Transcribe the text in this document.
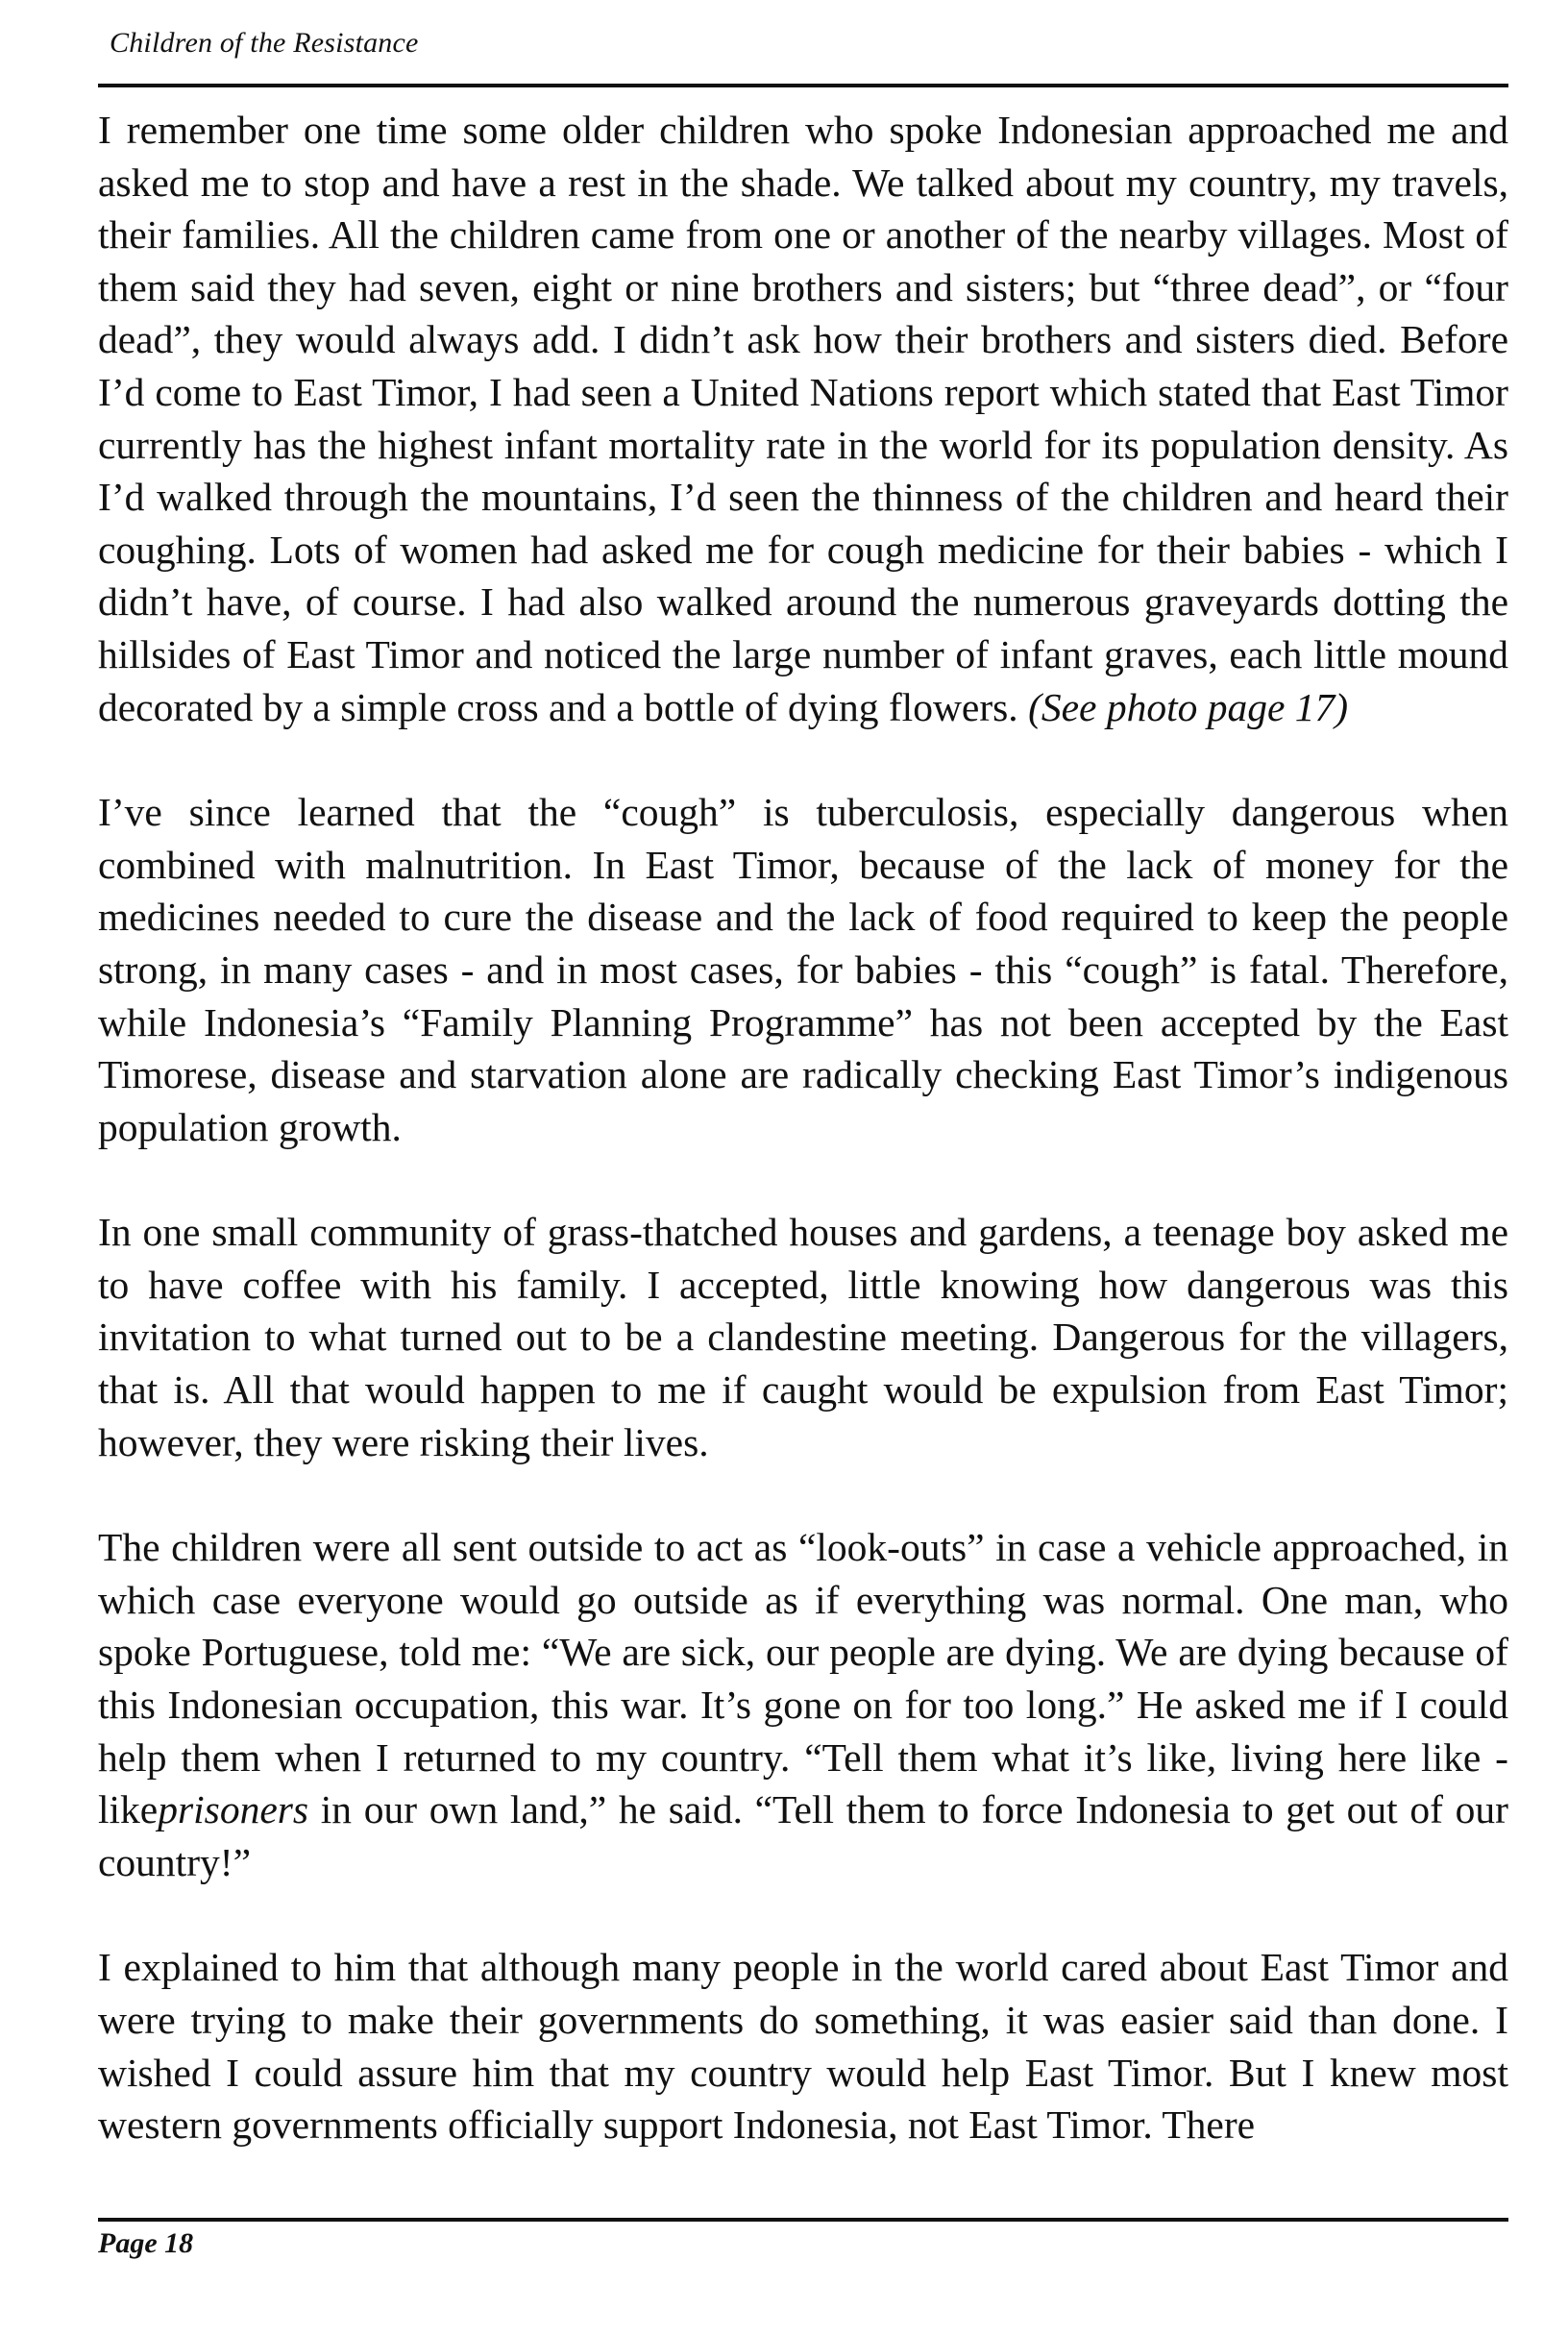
Children of the Resistance

I remember one time some older children who spoke Indonesian approached me and asked me to stop and have a rest in the shade. We talked about my country, my travels, their families. All the children came from one or another of the nearby villages. Most of them said they had seven, eight or nine brothers and sisters; but “three dead”, or “four dead”, they would always add. I didn’t ask how their brothers and sisters died. Before I’d come to East Timor, I had seen a United Nations report which stated that East Timor currently has the highest infant mortality rate in the world for its population density. As I’d walked through the mountains, I’d seen the thinness of the children and heard their coughing. Lots of women had asked me for cough medicine for their babies - which I didn’t have, of course. I had also walked around the numerous graveyards dotting the hillsides of East Timor and noticed the large number of infant graves, each little mound decorated by a simple cross and a bottle of dying flowers. (See photo page 17)

I’ve since learned that the “cough” is tuberculosis, especially dangerous when combined with malnutrition. In East Timor, because of the lack of money for the medicines needed to cure the disease and the lack of food required to keep the people strong, in many cases - and in most cases, for babies - this “cough” is fatal. Therefore, while Indonesia’s “Family Planning Programme” has not been accepted by the East Timorese, disease and starvation alone are radically checking East Timor’s indigenous population growth.

In one small community of grass-thatched houses and gardens, a teenage boy asked me to have coffee with his family. I accepted, little knowing how dangerous was this invitation to what turned out to be a clandestine meeting. Dangerous for the villagers, that is. All that would happen to me if caught would be expulsion from East Timor; however, they were risking their lives.

The children were all sent outside to act as “look-outs” in case a vehicle approached, in which case everyone would go outside as if everything was normal. One man, who spoke Portuguese, told me: “We are sick, our people are dying. We are dying because of this Indonesian occupation, this war. It’s gone on for too long.” He asked me if I could help them when I returned to my country. “Tell them what it’s like, living here like - likeprisoners in our own land,” he said. “Tell them to force Indonesia to get out of our country!”

I explained to him that although many people in the world cared about East Timor and were trying to make their governments do something, it was easier said than done. I wished I could assure him that my country would help East Timor. But I knew most western governments officially support Indonesia, not East Timor. There

Page 18
